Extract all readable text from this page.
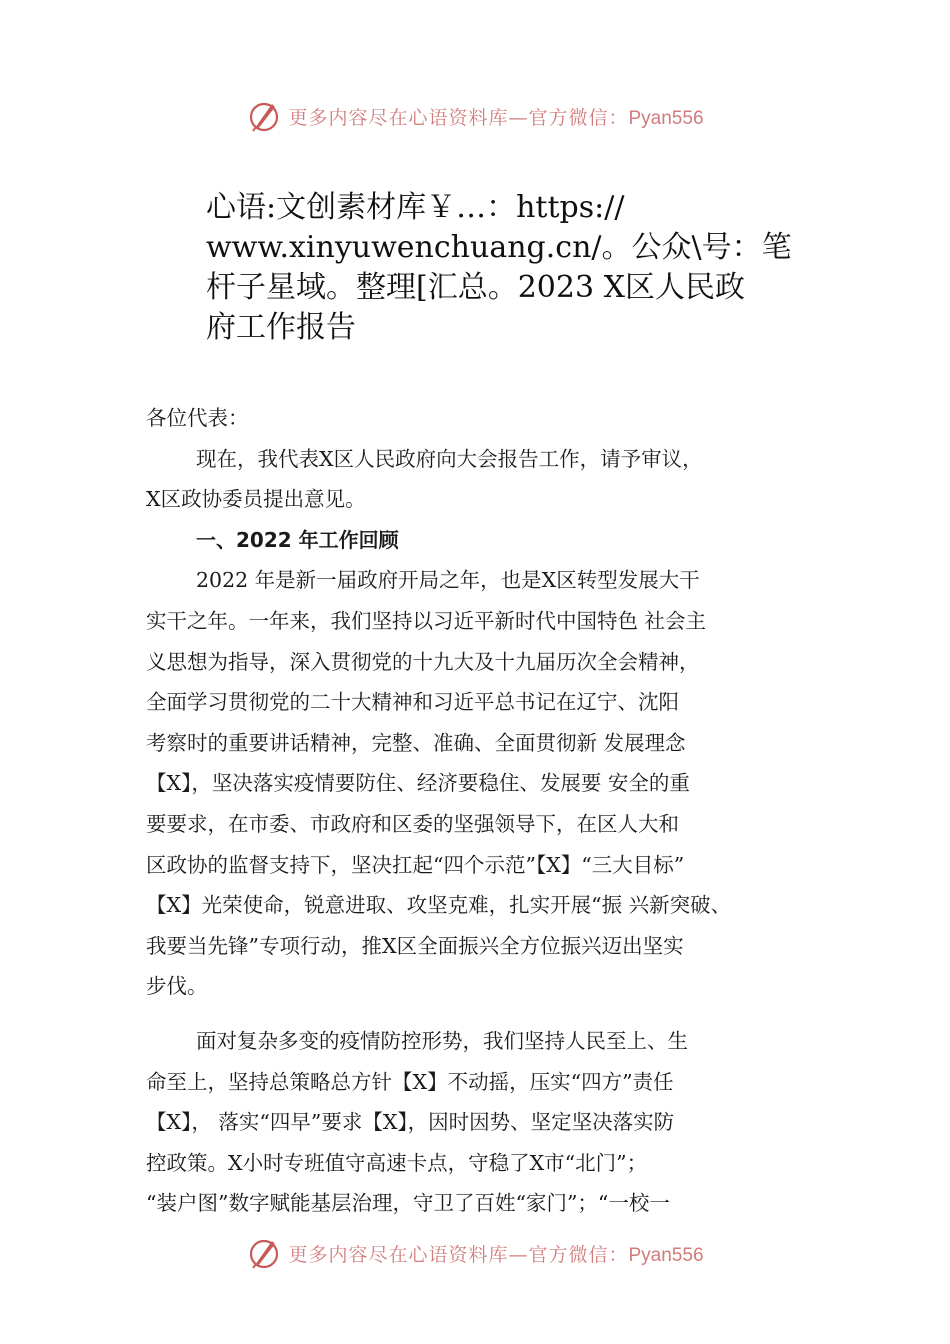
更多内容尽在心语资料库—官方微信：Pyan556
心语:文创素材库￥…：https://
www.xinyuwenchuang.cn/。公众\号：笔
杆子星域。整理[汇总。2023 X区人民政
府工作报告
各位代表：
现在，我代表X区人民政府向大会报告工作，请予审议，
X区政协委员提出意见。
一、2022 年工作回顾
2022 年是新一届政府开局之年，也是X区转型发展大干
实干之年。一年来，我们坚持以习近平新时代中国特色 社会主
义思想为指导，深入贯彻党的十九大及十九届历次全会精神，
全面学习贯彻党的二十大精神和习近平总书记在辽宁、沈阳
考察时的重要讲话精神，完整、准确、全面贯彻新 发展理念
【X】，坚决落实疫情要防住、经济要稳住、发展要 安全的重
要要求，在市委、市政府和区委的坚强领导下，在区人大和
区政协的监督支持下，坚决扛起“四个示范”【X】“三大目标”
【X】光荣使命，锐意进取、攻坚克难，扎实开展“振 兴新突破、
我要当先锋”专项行动，推X区全面振兴全方位振兴迈出坚实
步伐。
面对复杂多变的疫情防控形势，我们坚持人民至上、生
命至上，坚持总策略总方针【X】不动摇，压实“四方”责任
【X】， 落实“四早”要求【X】，因时因势、坚定坚决落实防
控政策。X小时专班值守高速卡点，守稳了X市“北门”；
“装户图”数字赋能基层治理，守卫了百姓“家门”；“一校一
更多内容尽在心语资料库—官方微信：Pyan556
